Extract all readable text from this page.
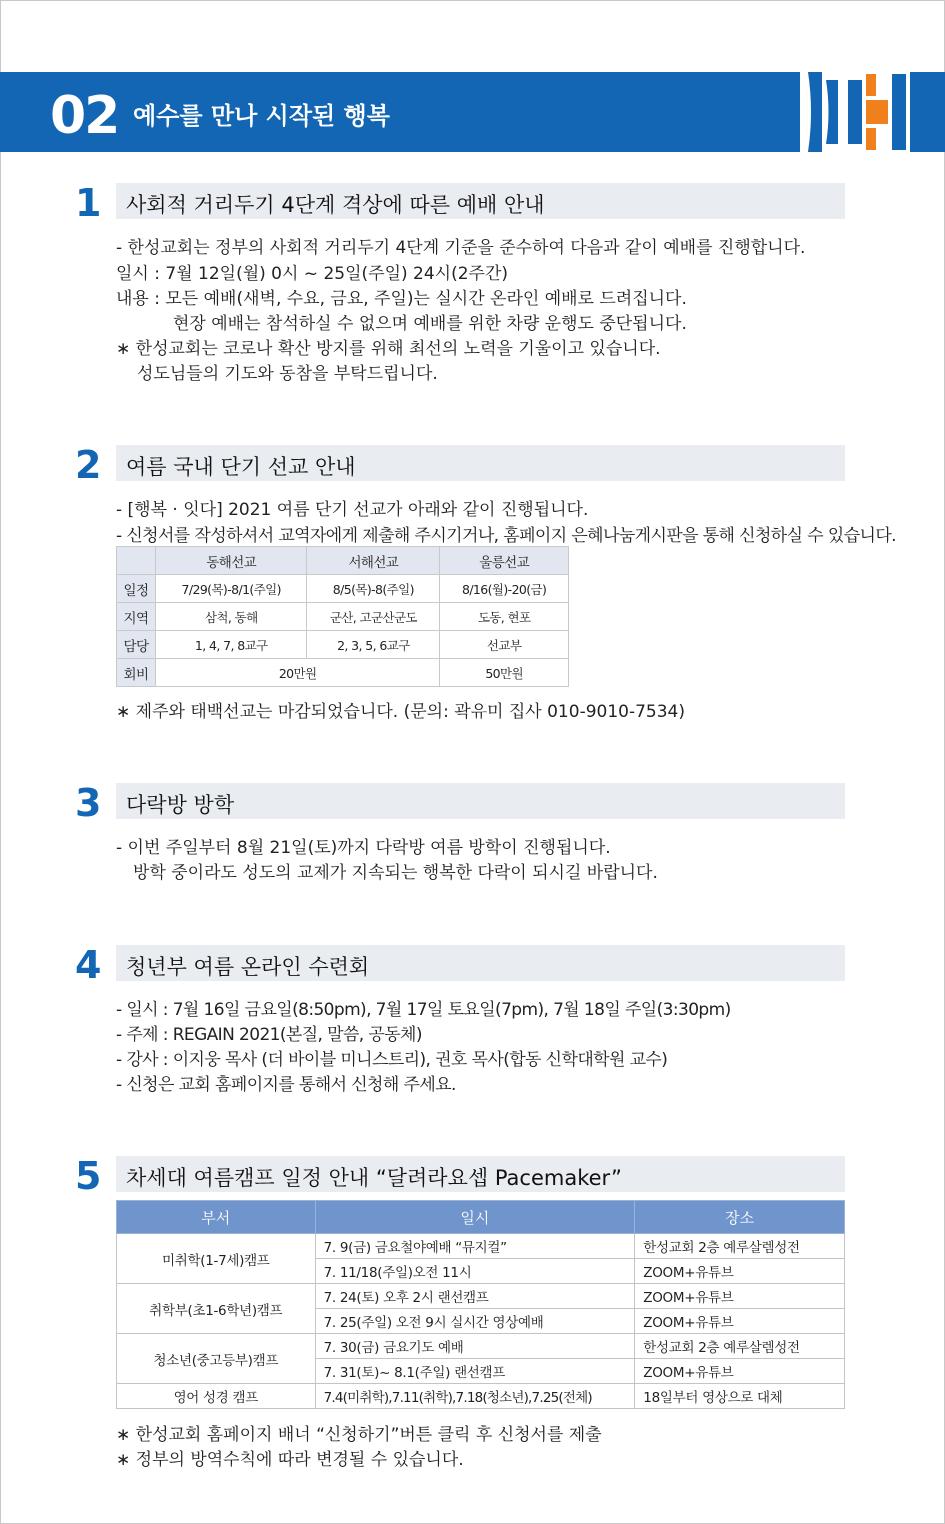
02 예수를 만나 시작된 행복
1 사회적 거리두기 4단계 격상에 따른 예배 안내
- 한성교회는 정부의 사회적 거리두기 4단계 기준을 준수하여 다음과 같이 예배를 진행합니다.
일시 : 7월 12일(월) 0시 ~ 25일(주일) 24시(2주간)
내용 : 모든 예배(새벽, 수요, 금요, 주일)는 실시간 온라인 예배로 드려집니다.
현장 예배는 참석하실 수 없으며 예배를 위한 차량 운행도 중단됩니다.
∗ 한성교회는 코로나 확산 방지를 위해 최선의 노력을 기울이고 있습니다.
성도님들의 기도와 동참을 부탁드립니다.
2 여름 국내 단기 선교 안내
- [행복 · 잇다] 2021 여름 단기 선교가 아래와 같이 진행됩니다.
- 신청서를 작성하셔서 교역자에게 제출해 주시기거나, 홈페이지 은혜나눔게시판을 통해 신청하실 수 있습니다.
	동해선교	서해선교	울릉선교
일정	7/29(목)-8/1(주일)	8/5(목)-8(주일)	8/16(월)-20(금)
지역	삼척, 동해	군산, 고군산군도	도동, 현포
담당	1, 4, 7, 8교구	2, 3, 5, 6교구	선교부
회비	20만원		50만원
∗ 제주와 태백선교는 마감되었습니다. (문의: 곽유미 집사 010-9010-7534)
3 다락방 방학
- 이번 주일부터 8월 21일(토)까지 다락방 여름 방학이 진행됩니다.
방학 중이라도 성도의 교제가 지속되는 행복한 다락이 되시길 바랍니다.
4 청년부 여름 온라인 수련회
- 일시 : 7월 16일 금요일(8:50pm), 7월 17일 토요일(7pm), 7월 18일 주일(3:30pm)
- 주제 : REGAIN 2021(본질, 말씀, 공동체)
- 강사 : 이지웅 목사 (더 바이블 미니스트리), 권호 목사(합동 신학대학원 교수)
- 신청은 교회 홈페이지를 통해서 신청해 주세요.
5 차세대 여름캠프 일정 안내 “달려라요셉 Pacemaker”
부서	일시	장소
미취학(1-7세)캠프	7. 9(금) 금요철야예배 “뮤지컬”	한성교회 2층 예루살렘성전
	7. 11/18(주일)오전 11시	ZOOM+유튜브
취학부(초1-6학년)캠프	7. 24(토) 오후 2시 랜선캠프	ZOOM+유튜브
	7. 25(주일) 오전 9시 실시간 영상예배	ZOOM+유튜브
청소년(중고등부)캠프	7. 30(금) 금요기도 예배	한성교회 2층 예루살렘성전
	7. 31(토)~ 8.1(주일) 랜선캠프	ZOOM+유튜브
영어 성경 캠프	7.4(미취학),7.11(취학),7.18(청소년),7.25(전체)	18일부터 영상으로 대체
∗ 한성교회 홈페이지 배너 “신청하기”버튼 클릭 후 신청서를 제출
∗ 정부의 방역수칙에 따라 변경될 수 있습니다.
